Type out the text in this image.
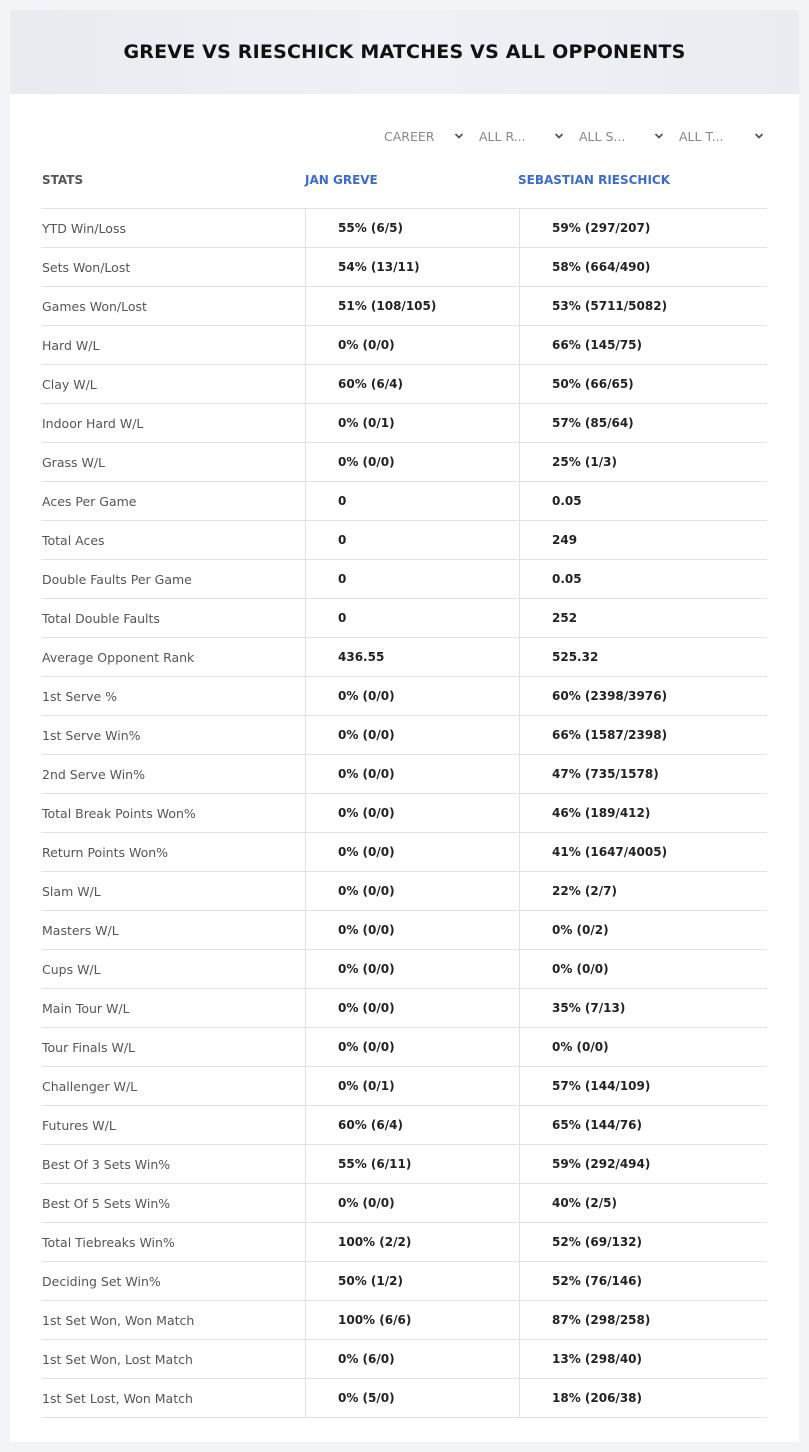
GREVE VS RIESCHICK MATCHES VS ALL OPPONENTS
CAREER	ALL R...	ALL S...	ALL T...
STATS	JAN GREVE	SEBASTIAN RIESCHICK
YTD Win/Loss	55% (6/5)	59% (297/207)
Sets Won/Lost	54% (13/11)	58% (664/490)
Games Won/Lost	51% (108/105)	53% (5711/5082)
Hard W/L	0% (0/0)	66% (145/75)
Clay W/L	60% (6/4)	50% (66/65)
Indoor Hard W/L	0% (0/1)	57% (85/64)
Grass W/L	0% (0/0)	25% (1/3)
Aces Per Game	0	0.05
Total Aces	0	249
Double Faults Per Game	0	0.05
Total Double Faults	0	252
Average Opponent Rank	436.55	525.32
1st Serve %	0% (0/0)	60% (2398/3976)
1st Serve Win%	0% (0/0)	66% (1587/2398)
2nd Serve Win%	0% (0/0)	47% (735/1578)
Total Break Points Won%	0% (0/0)	46% (189/412)
Return Points Won%	0% (0/0)	41% (1647/4005)
Slam W/L	0% (0/0)	22% (2/7)
Masters W/L	0% (0/0)	0% (0/2)
Cups W/L	0% (0/0)	0% (0/0)
Main Tour W/L	0% (0/0)	35% (7/13)
Tour Finals W/L	0% (0/0)	0% (0/0)
Challenger W/L	0% (0/1)	57% (144/109)
Futures W/L	60% (6/4)	65% (144/76)
Best Of 3 Sets Win%	55% (6/11)	59% (292/494)
Best Of 5 Sets Win%	0% (0/0)	40% (2/5)
Total Tiebreaks Win%	100% (2/2)	52% (69/132)
Deciding Set Win%	50% (1/2)	52% (76/146)
1st Set Won, Won Match	100% (6/6)	87% (298/258)
1st Set Won, Lost Match	0% (6/0)	13% (298/40)
1st Set Lost, Won Match	0% (5/0)	18% (206/38)
